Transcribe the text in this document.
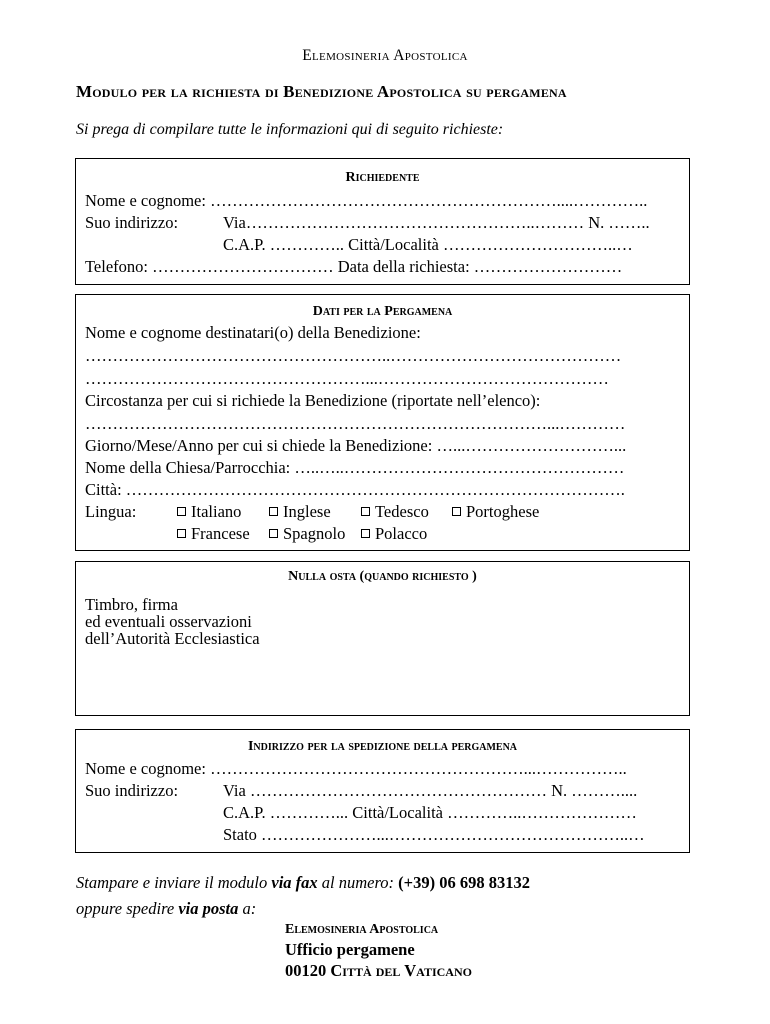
Elemosineria Apostolica
Modulo per la richiesta di Benedizione Apostolica su pergamena
Si prega di compilare tutte le informazioni qui di seguito richieste:
Richiedente
Nome e cognome: ………………………………………………………....…………..
Suo indirizzo:	Via……………………………………………..……… N. ……..
C.A.P. ………….. Città/Località …………………………..…
Telefono: …………………………… Data della richiesta: ………………………
Dati per la Pergamena
Nome e cognome destinatari(o) della Benedizione:
………………………………………………..……………………………………
……………………………………………...……………………………………
Circostanza per cui si richiede la Benedizione (riportate nell’elenco):
…………………………………………………………………………...…………
Giorno/Mese/Anno per cui si chiede la Benedizione: …...………………………...
Nome della Chiesa/Parrocchia: …..…..……………………………………………
Città: ……………………………………………………………………………….
Lingua:	Italiano	Inglese	Tedesco	Portoghese
Francese	Spagnolo	Polacco
Nulla osta (quando richiesto )
Timbro, firma
ed eventuali osservazioni
dell’Autorità Ecclesiastica
Indirizzo per la spedizione della pergamena
Nome e cognome: …………………………………………………...……………..
Suo indirizzo:	Via ……………………………………………… N. ………....
C.A.P. …………... Città/Località …………..…………………
Stato …………………...……………………………………..…
Stampare e inviare il modulo via fax al numero: (+39) 06 698 83132
oppure spedire via posta a:
Elemosineria Apostolica
Ufficio pergamene
00120 Città del Vaticano
